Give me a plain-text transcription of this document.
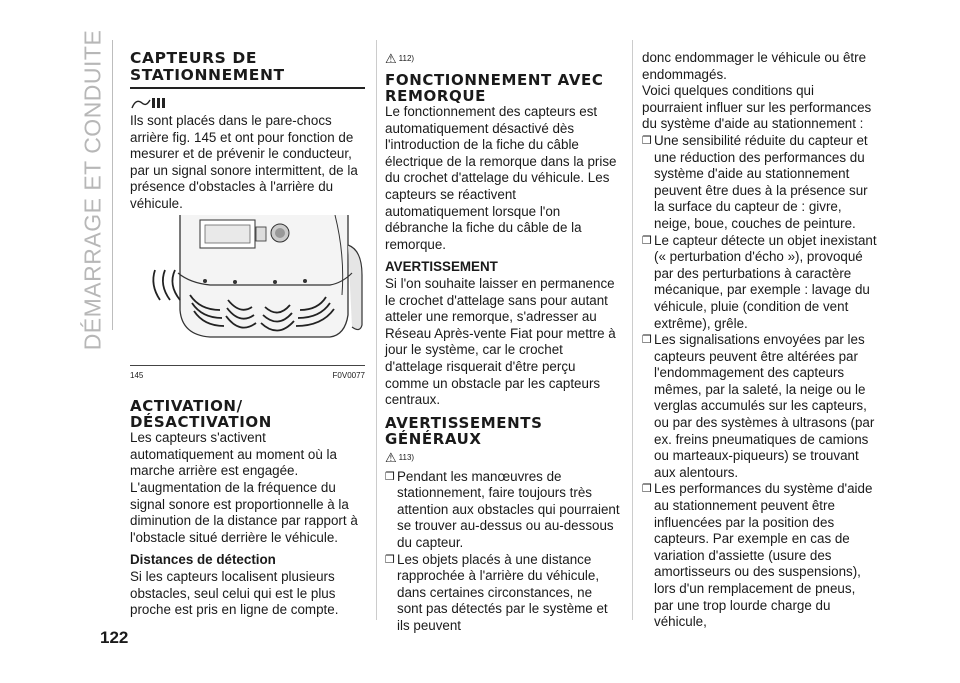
DÉMARRAGE ET CONDUITE
122
CAPTEURS DE
STATIONNEMENT

Ils sont placés dans le pare-chocs arrière fig. 145 et ont pour fonction de mesurer et de prévenir le conducteur, par un signal sonore intermittent, de la présence d'obstacles à l'arrière du véhicule.

145	F0V0077
ACTIVATION/
DÉSACTIVATION

Les capteurs s'activent automatiquement au moment où la marche arrière est engagée. L'augmentation de la fréquence du signal sonore est proportionnelle à la diminution de la distance par rapport à l'obstacle situé derrière le véhicule.

Distances de détection

Si les capteurs localisent plusieurs obstacles, seul celui qui est le plus proche est pris en ligne de compte.

⚠ 112)
FONCTIONNEMENT AVEC
REMORQUE

Le fonctionnement des capteurs est automatiquement désactivé dès l'introduction de la fiche du câble électrique de la remorque dans la prise du crochet d'attelage du véhicule. Les capteurs se réactivent automatiquement lorsque l'on débranche la fiche du câble de la remorque.

AVERTISSEMENT

Si l'on souhaite laisser en permanence le crochet d'attelage sans pour autant atteler une remorque, s'adresser au Réseau Après-vente Fiat pour mettre à jour le système, car le crochet d'attelage risquerait d'être perçu comme un obstacle par les capteurs centraux.

AVERTISSEMENTS
GÉNÉRAUX
⚠ 113)
❒ Pendant les manœuvres de stationnement, faire toujours très attention aux obstacles qui pourraient se trouver au-dessus ou au-dessous du capteur.

❒ Les objets placés à une distance rapprochée à l'arrière du véhicule, dans certaines circonstances, ne sont pas détectés par le système et ils peuvent

donc endommager le véhicule ou être endommagés.

Voici quelques conditions qui pourraient influer sur les performances du système d'aide au stationnement :

❒ Une sensibilité réduite du capteur et une réduction des performances du système d'aide au stationnement peuvent être dues à la présence sur la surface du capteur de : givre, neige, boue, couches de peinture.

❒ Le capteur détecte un objet inexistant (« perturbation d'écho »), provoqué par des perturbations à caractère mécanique, par exemple : lavage du véhicule, pluie (condition de vent extrême), grêle.

❒ Les signalisations envoyées par les capteurs peuvent être altérées par l'endommagement des capteurs mêmes, par la saleté, la neige ou le verglas accumulés sur les capteurs, ou par des systèmes à ultrasons (par ex. freins pneumatiques de camions ou marteaux-piqueurs) se trouvant aux alentours.

❒ Les performances du système d'aide au stationnement peuvent être influencées par la position des capteurs. Par exemple en cas de variation d'assiette (usure des amortisseurs ou des suspensions), lors d'un remplacement de pneus, par une trop lourde charge du véhicule,
